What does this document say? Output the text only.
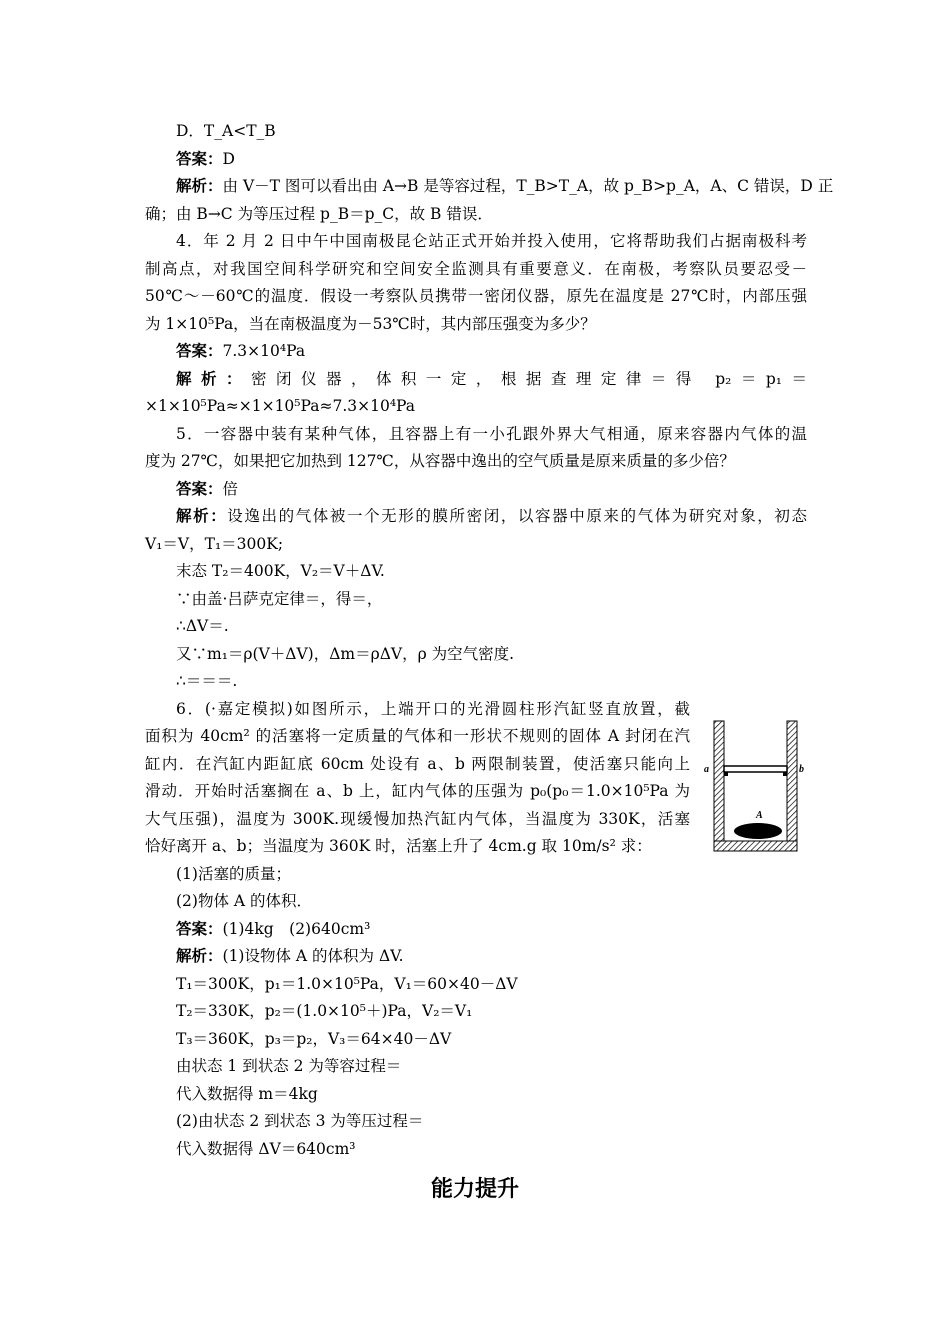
D．T_A<T_B
答案：D
解析：由 V－T 图可以看出由 A→B 是等容过程，T_B>T_A，故 p_B>p_A，A、C 错误，D 正
确；由 B→C 为等压过程 p_B＝p_C，故 B 错误．
4．年 2 月 2 日中午中国南极昆仑站正式开始并投入使用，它将帮助我们占据南极科考
制高点，对我国空间科学研究和空间安全监测具有重要意义．在南极，考察队员要忍受－
50℃～－60℃的温度．假设一考察队员携带一密闭仪器，原先在温度是 27℃时，内部压强
为 1×10⁵Pa，当在南极温度为－53℃时，其内部压强变为多少？
答案：7.3×10⁴Pa
解析：密闭仪器，体积一定，根据查理定律＝得 p₂＝p₁＝
×1×10⁵Pa≈×1×10⁵Pa≈7.3×10⁴Pa
5．一容器中装有某种气体，且容器上有一小孔跟外界大气相通，原来容器内气体的温
度为 27℃，如果把它加热到 127℃，从容器中逸出的空气质量是原来质量的多少倍？
答案：倍
解析：设逸出的气体被一个无形的膜所密闭，以容器中原来的气体为研究对象，初态
V₁＝V，T₁＝300K;
末态 T₂＝400K，V₂＝V＋ΔV.
∵由盖·吕萨克定律＝，得＝，
∴ΔV＝.
又∵m₁＝ρ(V＋ΔV)，Δm＝ρΔV，ρ 为空气密度.
∴＝＝＝.
6．(·嘉定模拟)如图所示，上端开口的光滑圆柱形汽缸竖直放置，截
面积为 40cm² 的活塞将一定质量的气体和一形状不规则的固体 A 封闭在汽
缸内．在汽缸内距缸底 60cm 处设有 a、b 两限制装置，使活塞只能向上
滑动．开始时活塞搁在 a、b 上，缸内气体的压强为 p₀(p₀＝1.0×10⁵Pa 为
大气压强)，温度为 300K.现缓慢加热汽缸内气体，当温度为 330K，活塞
恰好离开 a、b；当温度为 360K 时，活塞上升了 4cm.g 取 10m/s² 求：
(1)活塞的质量；
(2)物体 A 的体积．
答案：(1)4kg　(2)640cm³
解析：(1)设物体 A 的体积为 ΔV.
T₁＝300K，p₁＝1.0×10⁵Pa，V₁＝60×40－ΔV
T₂＝330K，p₂＝(1.0×10⁵＋)Pa，V₂＝V₁
T₃＝360K，p₃＝p₂，V₃＝64×40－ΔV
由状态 1 到状态 2 为等容过程＝
代入数据得 m＝4kg
(2)由状态 2 到状态 3 为等压过程＝
代入数据得 ΔV＝640cm³
a	b
A
能力提升
